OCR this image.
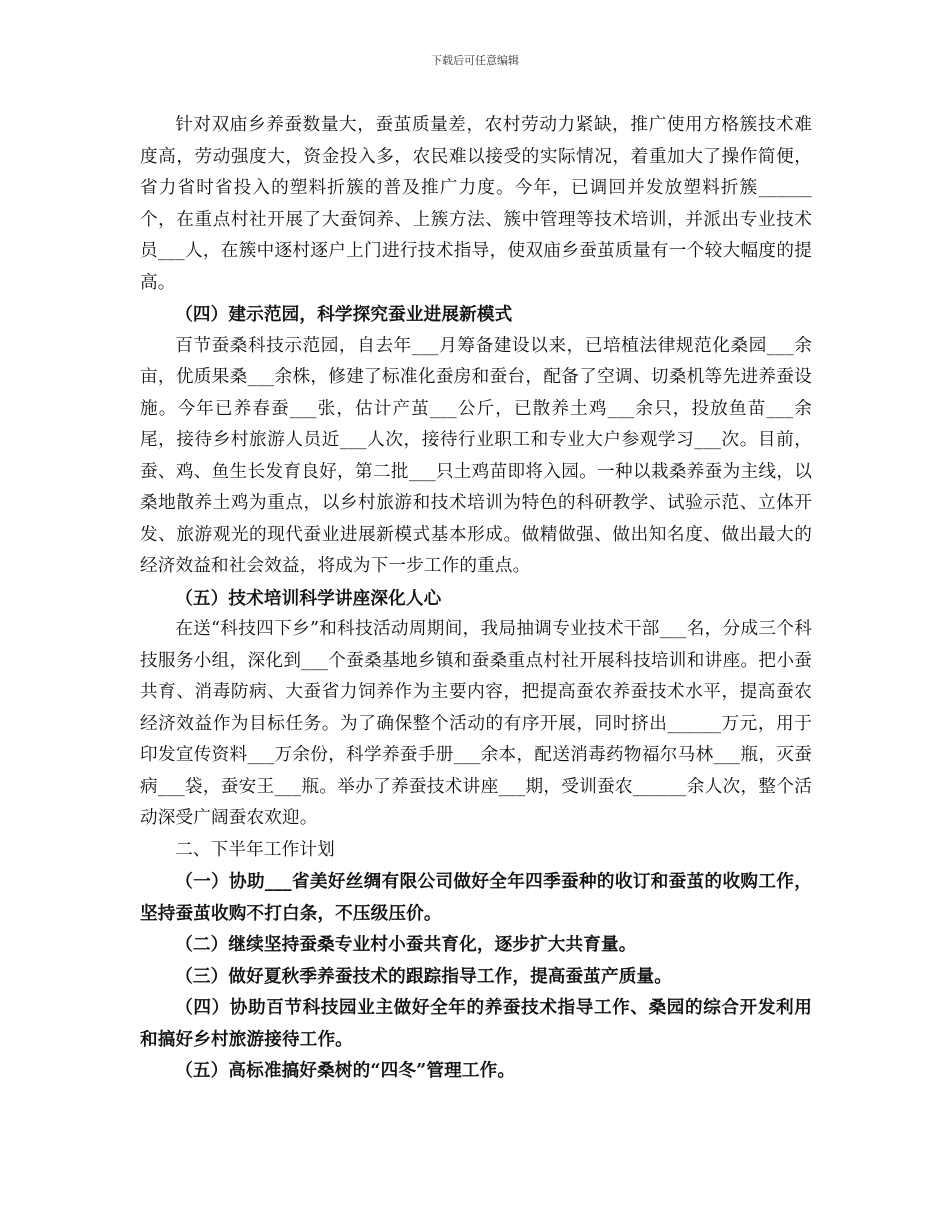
下载后可任意编辑

针对双庙乡养蚕数量大，蚕茧质量差，农村劳动力紧缺，推广使用方格簇技术难度高，劳动强度大，资金投入多，农民难以接受的实际情况，着重加大了操作简便，省力省时省投入的塑料折簇的普及推广力度。今年，已调回并发放塑料折簇______个，在重点村社开展了大蚕饲养、上簇方法、簇中管理等技术培训，并派出专业技术员___人，在簇中逐村逐户上门进行技术指导，使双庙乡蚕茧质量有一个较大幅度的提高。

（四）建示范园，科学探究蚕业进展新模式

百节蚕桑科技示范园，自去年___月筹备建设以来，已培植法律规范化桑园___余亩，优质果桑___余株，修建了标准化蚕房和蚕台，配备了空调、切桑机等先进养蚕设施。今年已养春蚕___张，估计产茧___公斤，已散养土鸡___余只，投放鱼苗___余尾，接待乡村旅游人员近___人次，接待行业职工和专业大户参观学习___次。目前，蚕、鸡、鱼生长发育良好，第二批___只土鸡苗即将入园。一种以栽桑养蚕为主线，以桑地散养土鸡为重点，以乡村旅游和技术培训为特色的科研教学、试验示范、立体开发、旅游观光的现代蚕业进展新模式基本形成。做精做强、做出知名度、做出最大的经济效益和社会效益，将成为下一步工作的重点。

（五）技术培训科学讲座深化人心

在送“科技四下乡”和科技活动周期间，我局抽调专业技术干部___名，分成三个科技服务小组，深化到___个蚕桑基地乡镇和蚕桑重点村社开展科技培训和讲座。把小蚕共育、消毒防病、大蚕省力饲养作为主要内容，把提高蚕农养蚕技术水平，提高蚕农经济效益作为目标任务。为了确保整个活动的有序开展，同时挤出______万元，用于印发宣传资料___万余份，科学养蚕手册___余本，配送消毒药物福尔马林___瓶，灭蚕病___袋，蚕安王___瓶。举办了养蚕技术讲座___期，受训蚕农______余人次，整个活动深受广阔蚕农欢迎。

二、下半年工作计划

（一）协助___省美好丝绸有限公司做好全年四季蚕种的收订和蚕茧的收购工作，坚持蚕茧收购不打白条，不压级压价。

（二）继续坚持蚕桑专业村小蚕共育化，逐步扩大共育量。

（三）做好夏秋季养蚕技术的跟踪指导工作，提高蚕茧产质量。

（四）协助百节科技园业主做好全年的养蚕技术指导工作、桑园的综合开发利用和搞好乡村旅游接待工作。

（五）高标准搞好桑树的“四冬”管理工作。
